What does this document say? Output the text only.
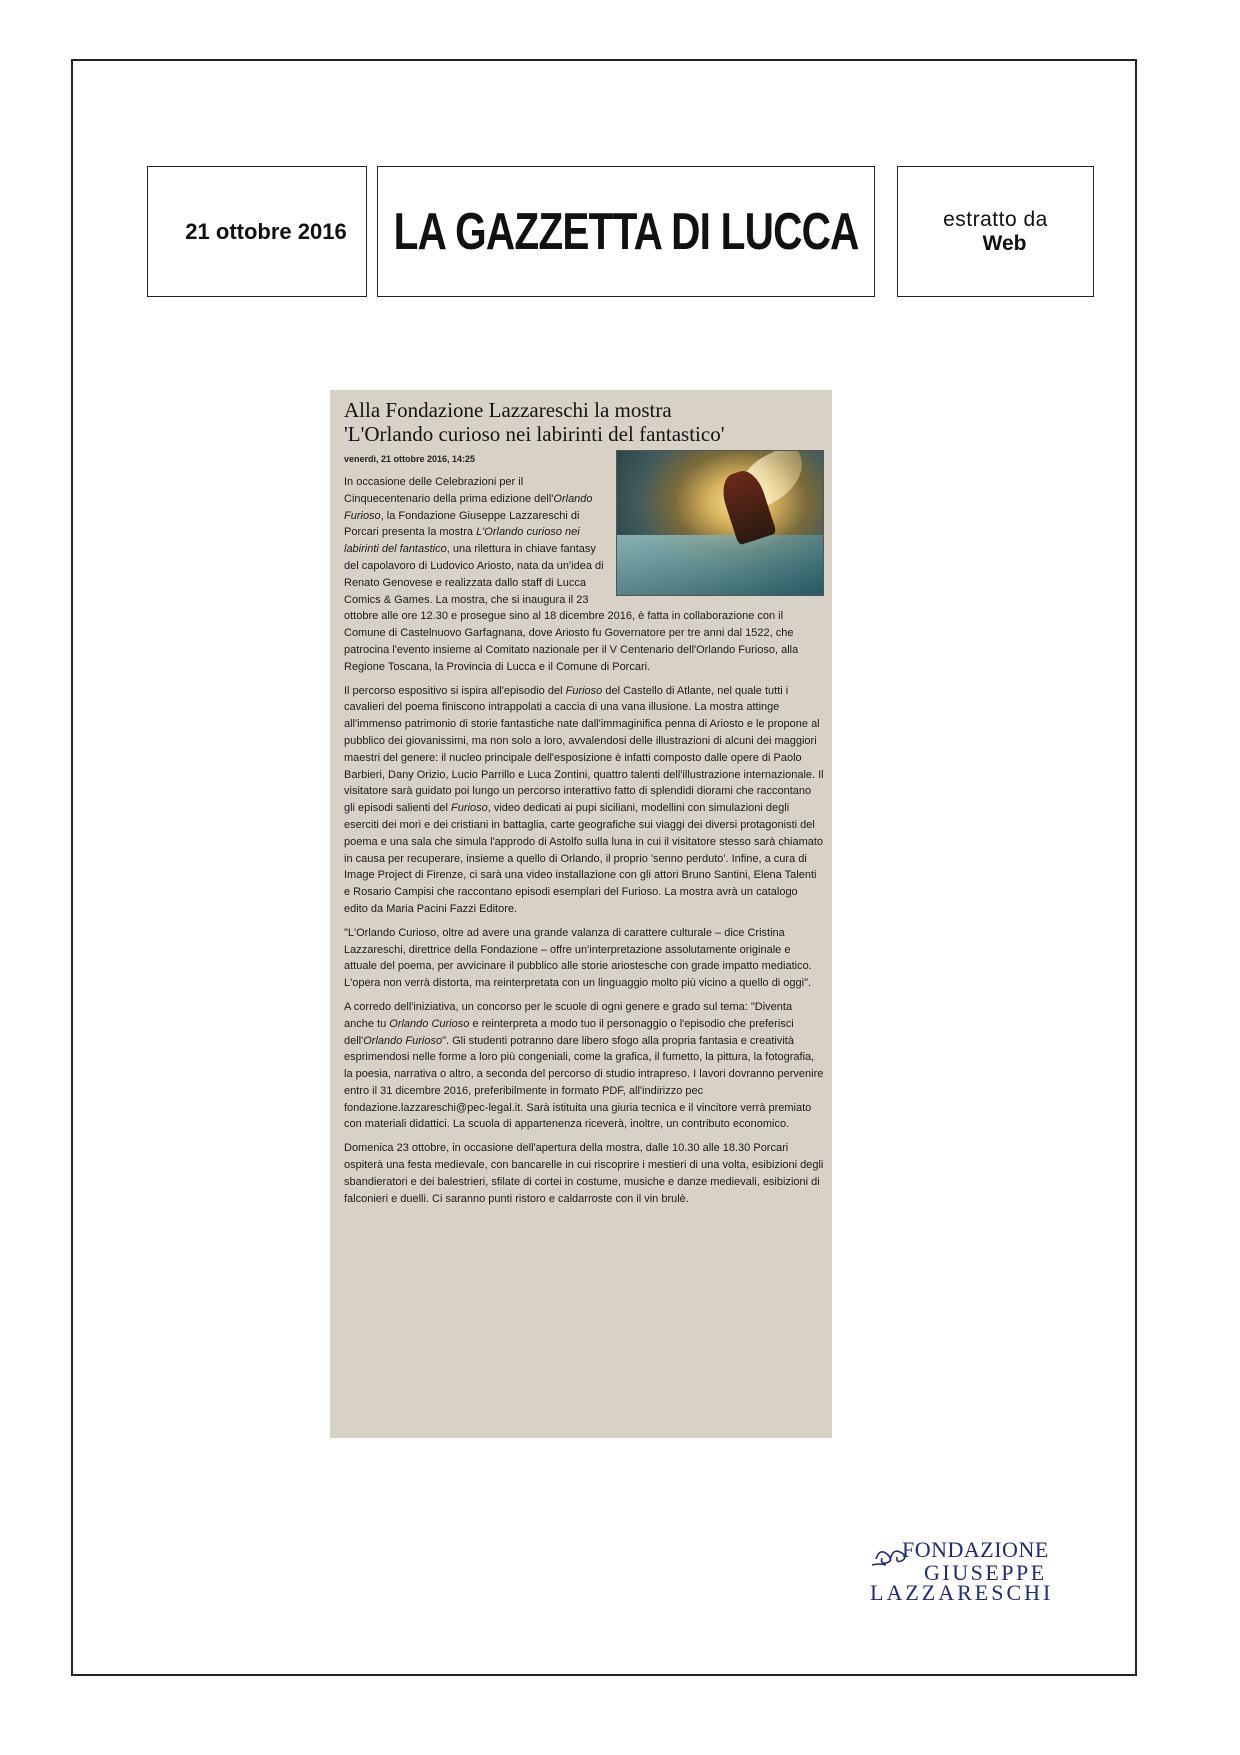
21 ottobre 2016 LA GAZZETTA DI LUCCA	estratto da
Web
Alla Fondazione Lazzareschi la mostra
'L'Orlando curioso nei labirinti del fantastico'
venerdì, 21 ottobre 2016, 14:25

In occasione delle Celebrazioni per il Cinquecentenario della prima edizione dell'Orlando Furioso, la Fondazione Giuseppe Lazzareschi di Porcari presenta la mostra L'Orlando curioso nei labirinti del fantastico, una rilettura in chiave fantasy del capolavoro di Ludovico Ariosto, nata da un'idea di Renato Genovese e realizzata dallo staff di Lucca Comics & Games. La mostra, che si inaugura il 23 ottobre alle ore 12.30 e prosegue sino al 18 dicembre 2016, è fatta in collaborazione con il Comune di Castelnuovo Garfagnana, dove Ariosto fu Governatore per tre anni dal 1522, che patrocina l'evento insieme al Comitato nazionale per il V Centenario dell'Orlando Furioso, alla Regione Toscana, la Provincia di Lucca e il Comune di Porcari.

Il percorso espositivo si ispira all'episodio del Furioso del Castello di Atlante, nel quale tutti i cavalieri del poema finiscono intrappolati a caccia di una vana illusione. La mostra attinge all'immenso patrimonio di storie fantastiche nate dall'immaginifica penna di Ariosto e le propone al pubblico dei giovanissimi, ma non solo a loro, avvalendosi delle illustrazioni di alcuni dei maggiori maestri del genere: il nucleo principale dell'esposizione è infatti composto dalle opere di Paolo Barbieri, Dany Orizio, Lucio Parrillo e Luca Zontini, quattro talenti dell'illustrazione internazionale. Il visitatore sarà guidato poi lungo un percorso interattivo fatto di splendidi diorami che raccontano gli episodi salienti del Furioso, video dedicati ai pupi siciliani, modellini con simulazioni degli eserciti dei mori e dei cristiani in battaglia, carte geografiche sui viaggi dei diversi protagonisti del poema e una sala che simula l'approdo di Astolfo sulla luna in cui il visitatore stesso sarà chiamato in causa per recuperare, insieme a quello di Orlando, il proprio 'senno perduto'. Infine, a cura di Image Project di Firenze, ci sarà una video installazione con gli attori Bruno Santini, Elena Talenti e Rosario Campisi che raccontano episodi esemplari del Furioso. La mostra avrà un catalogo edito da Maria Pacini Fazzi Editore.

"L'Orlando Curioso, oltre ad avere una grande valanza di carattere culturale – dice Cristina Lazzareschi, direttrice della Fondazione – offre un'interpretazione assolutamente originale e attuale del poema, per avvicinare il pubblico alle storie ariostesche con grade impatto mediatico. L'opera non verrà distorta, ma reinterpretata con un linguaggio molto più vicino a quello di oggi".

A corredo dell'iniziativa, un concorso per le scuole di ogni genere e grado sul tema: "Diventa anche tu Orlando Curioso e reinterpreta a modo tuo il personaggio o l'episodio che preferisci dell'Orlando Furioso". Gli studenti potranno dare libero sfogo alla propria fantasia e creatività esprimendosi nelle forme a loro più congeniali, come la grafica, il fumetto, la pittura, la fotografia, la poesia, narrativa o altro, a seconda del percorso di studio intrapreso. I lavori dovranno pervenire entro il 31 dicembre 2016, preferibilmente in formato PDF, all'indirizzo pec fondazione.lazzareschi@pec-legal.it. Sarà istituita una giuria tecnica e il vincitore verrà premiato con materiali didattici. La scuola di appartenenza riceverà, inoltre, un contributo economico.

Domenica 23 ottobre, in occasione dell'apertura della mostra, dalle 10.30 alle 18.30 Porcari ospiterà una festa medievale, con bancarelle in cui riscoprire i mestieri di una volta, esibizioni degli sbandieratori e dei balestrieri, sfilate di cortei in costume, musiche e danze medievali, esibizioni di falconieri e duelli. Ci saranno punti ristoro e caldarroste con il vin brulè.

FONDAZIONE
GIUSEPPE
LAZZARESCHI
